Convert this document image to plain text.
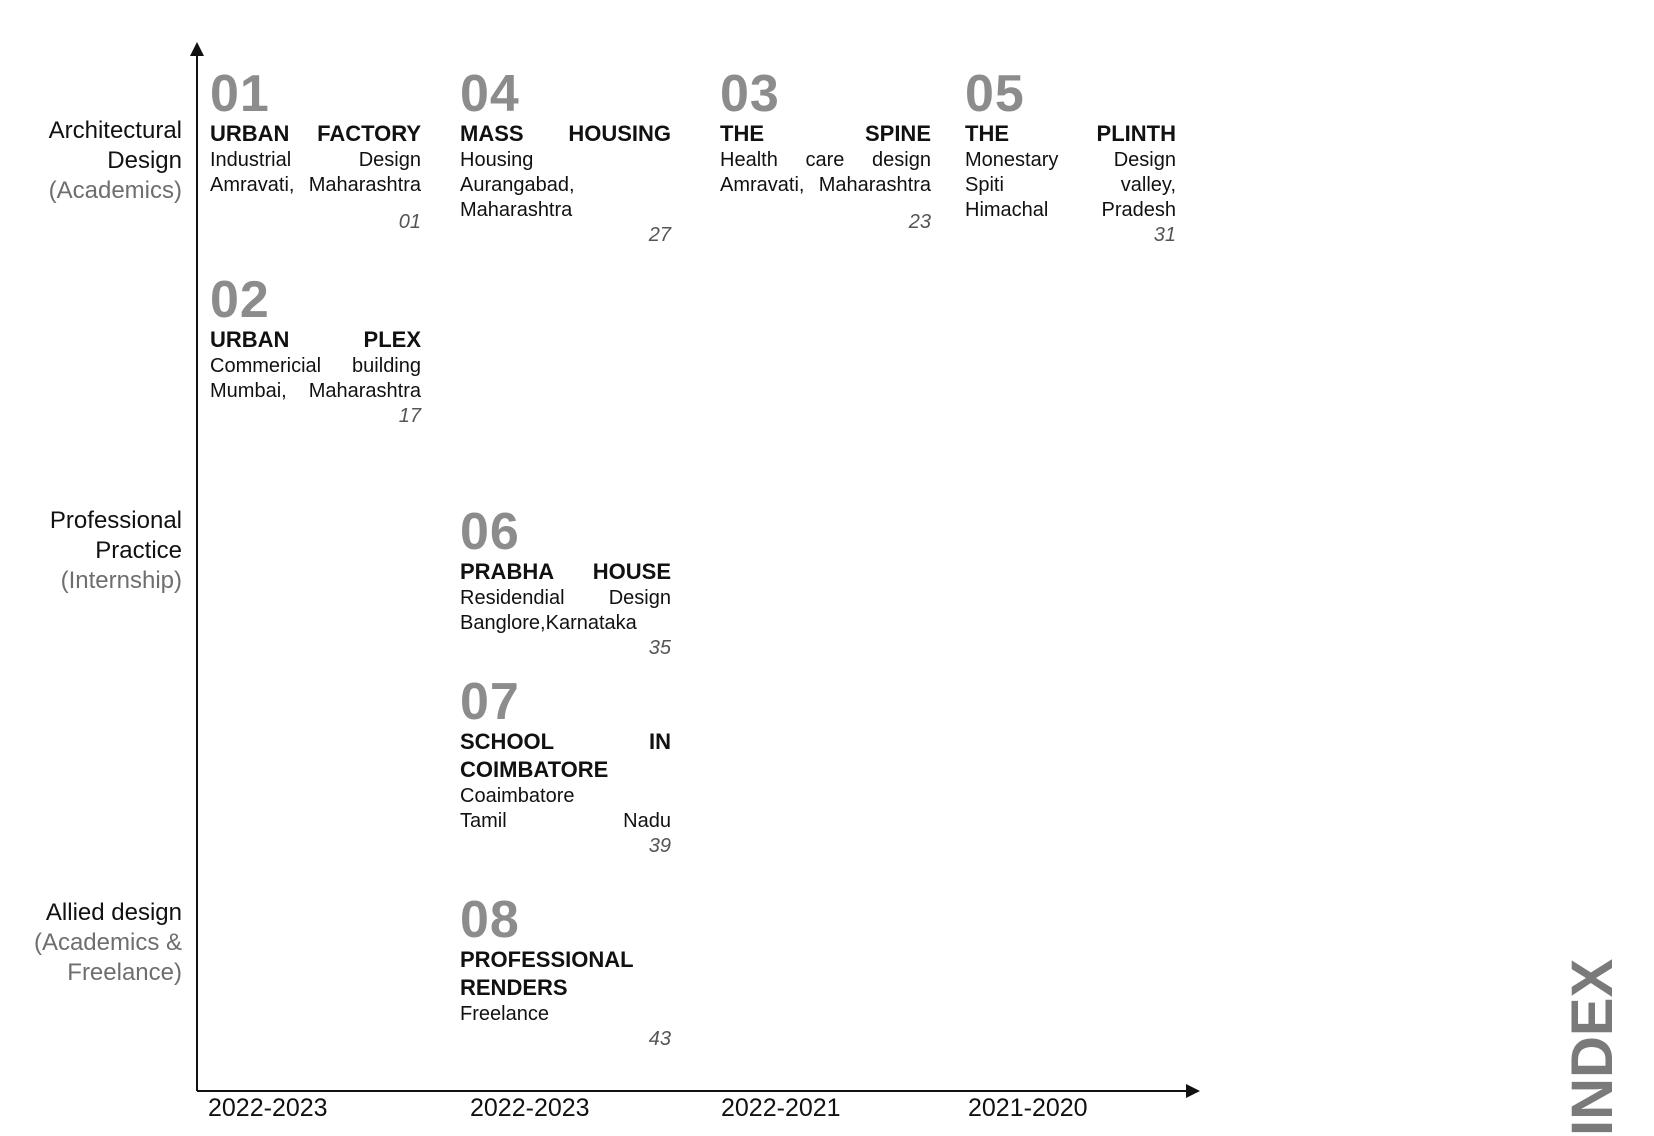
Architectural
Design
(Academics)
Professional
Practice
(Internship)
Allied design
(Academics &
Freelance)
2022-2023	2022-2023	2022-2021	2021-2020
01
URBAN FACTORY
Industrial Design
Amravati, Maharashtra
01
04
MASS HOUSING
Housing
Aurangabad,
Maharashtra
27
03
THE SPINE
Health care design
Amravati, Maharashtra
23
05
THE PLINTH
Monestary Design
Spiti valley,
Himachal Pradesh
31
02
URBAN PLEX
Commericial building
Mumbai, Maharashtra
17
06
PRABHA HOUSE
Residendial Design
Banglore,Karnataka
35
07
SCHOOL IN
COIMBATORE
Coaimbatore
Tamil Nadu
39
08
PROFESSIONAL
RENDERS
Freelance
43	INDEX
